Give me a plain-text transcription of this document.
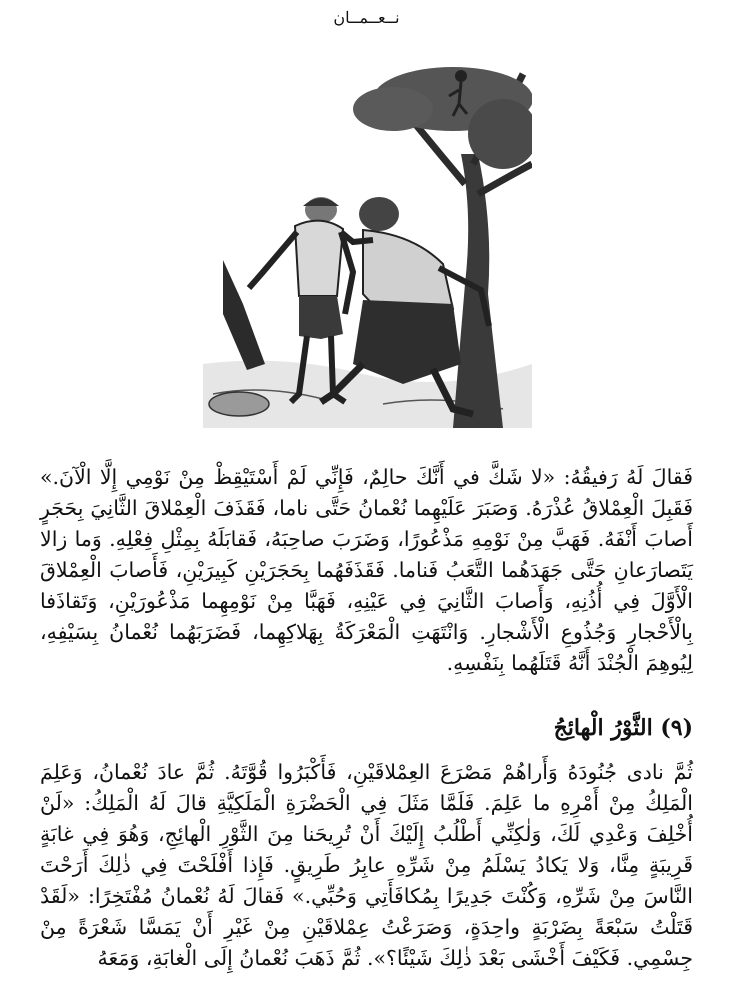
نــعــمــان

فَقالَ لَهُ رَفيقُهُ: «لا شَكَّ في أَنَّكَ حالِمٌ، فَإِنِّي لَمْ أَسْتَيْقِظْ مِنْ نَوْمِي إِلَّا الْآنَ.» فَقَبِلَ الْعِمْلاقُ عُذْرَهُ. وَصَبَرَ عَلَيْهِما نُعْمانُ حَتَّى ناما، فَقَذَفَ الْعِمْلاقَ الثَّانِيَ بِحَجَرٍ أَصابَ أَنْفَهُ. فَهَبَّ مِنْ نَوْمِهِ مَذْعُورًا، وَضَرَبَ صاحِبَهُ، فَقابَلَهُ بِمِثْلِ فِعْلِهِ. وَما زالا يَتَصارَعانِ حَتَّى جَهَدَهُما التَّعَبُ فَناما. فَقَذَفَهُما بِحَجَرَيْنِ كَبِيرَيْنِ، فَأَصابَ الْعِمْلاقَ الْأَوَّلَ فِي أُذُنِهِ، وَأَصابَ الثَّانِيَ فِي عَيْنِهِ، فَهَبَّا مِنْ نَوْمِهِما مَذْعُورَيْنِ، وَتَقاذَفا بِالْأَحْجارِ وَجُذُوعِ الْأَشْجارِ. وَانْتَهَتِ الْمَعْرَكَةُ بِهَلاكِهِما، فَضَرَبَهُما نُعْمانُ بِسَيْفِهِ، لِيُوهِمَ الْجُنْدَ أَنَّهُ قَتَلَهُما بِنَفْسِهِ.

(٩) الثَّوْرُ الْهائِجُ

ثُمَّ نادى جُنُودَهُ وَأَراهُمْ مَصْرَعَ العِمْلاقَيْنِ، فَأَكْبَرُوا قُوَّتَهُ. ثُمَّ عادَ نُعْمانُ، وَعَلِمَ الْمَلِكُ مِنْ أَمْرِهِ ما عَلِمَ. فَلَمَّا مَثَلَ فِي الْحَضْرَةِ الْمَلَكِيَّةِ قالَ لَهُ الْمَلِكُ: «لَنْ أُخْلِفَ وَعْدِي لَكَ، وَلٰكِنِّي أَطْلُبُ إِلَيْكَ أَنْ تُرِيحَنا مِنَ الثَّوْرِ الْهائِجِ، وَهُوَ فِي غابَةٍ قَرِيبَةٍ مِنَّا، وَلا يَكادُ يَسْلَمُ مِنْ شَرِّهِ عابِرُ طَرِيقٍ. فَإِذا أَفْلَحْتَ فِي ذٰلِكَ أَرَحْتَ النَّاسَ مِنْ شَرِّهِ، وَكُنْتَ جَدِيرًا بِمُكافَأَتِي وَحُبِّي.» فَقالَ لَهُ نُعْمانُ مُفْتَخِرًا: «لَقَدْ قَتَلْتُ سَبْعَةً بِضَرْبَةٍ واحِدَةٍ، وَصَرَعْتُ عِمْلاقَيْنِ مِنْ غَيْرِ أَنْ يَمَسَّا شَعْرَةً مِنْ جِسْمِي. فَكَيْفَ أَخْشَى بَعْدَ ذٰلِكَ شَيْئًا؟». ثُمَّ ذَهَبَ نُعْمانُ إِلَى الْغابَةِ، وَمَعَهُ
